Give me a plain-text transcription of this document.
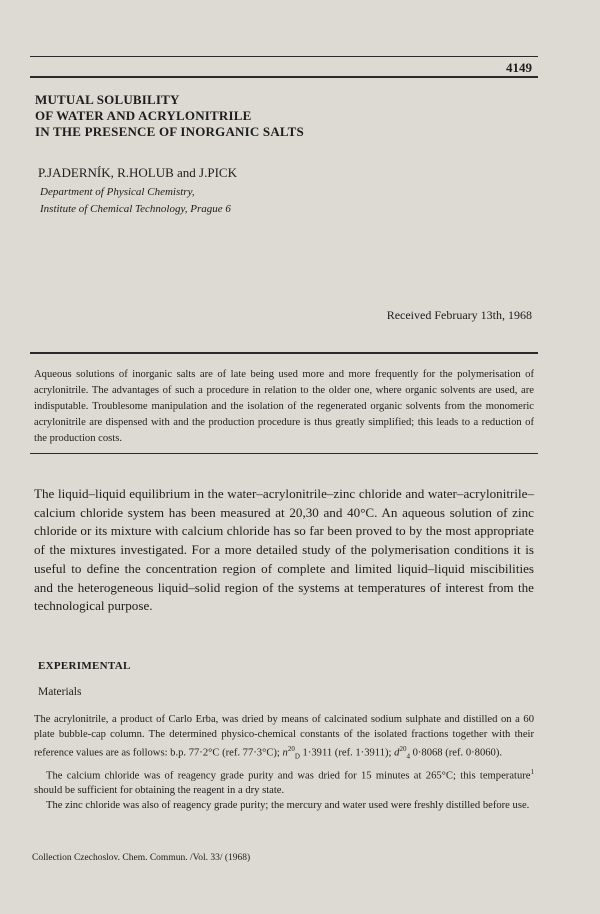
4149
MUTUAL SOLUBILITY
OF WATER AND ACRYLONITRILE
IN THE PRESENCE OF INORGANIC SALTS
P.JADERNÍK, R.HOLUB and J.PICK
Department of Physical Chemistry,
Institute of Chemical Technology, Prague 6
Received February 13th, 1968
Aqueous solutions of inorganic salts are of late being used more and more frequently for the polymerisation of acrylonitrile. The advantages of such a procedure in relation to the older one, where organic solvents are used, are indisputable. Troublesome manipulation and the isolation of the regenerated organic solvents from the monomeric acrylonitrile are dispensed with and the production procedure is thus greatly simplified; this leads to a reduction of the production costs.
The liquid–liquid equilibrium in the water–acrylonitrile–zinc chloride and water–acrylonitrile–calcium chloride system has been measured at 20,30 and 40°C. An aqueous solution of zinc chloride or its mixture with calcium chloride has so far been proved to by the most appropriate of the mixtures investigated. For a more detailed study of the polymerisation conditions it is useful to define the concentration region of complete and limited liquid–liquid miscibilities and the heterogeneous liquid–solid region of the systems at temperatures of interest from the technological purpose.
EXPERIMENTAL
Materials

The acrylonitrile, a product of Carlo Erba, was dried by means of calcinated sodium sulphate and distilled on a 60 plate bubble-cap column. The determined physico-chemical constants of the isolated fractions together with their reference values are as follows: b.p. 77·2°C (ref. 77·3°C); $n^{20}_D$ 1·3911 (ref. 1·3911); $d^{20}_4$ 0·8068 (ref. 0·8060).

The calcium chloride was of reagency grade purity and was dried for 15 minutes at 265°C; this temperature$^1$ should be sufficient for obtaining the reagent in a dry state.

The zinc chloride was also of reagency grade purity; the mercury and water used were freshly distilled before use.

Collection Czechoslov. Chem. Commun. /Vol. 33/ (1968)
